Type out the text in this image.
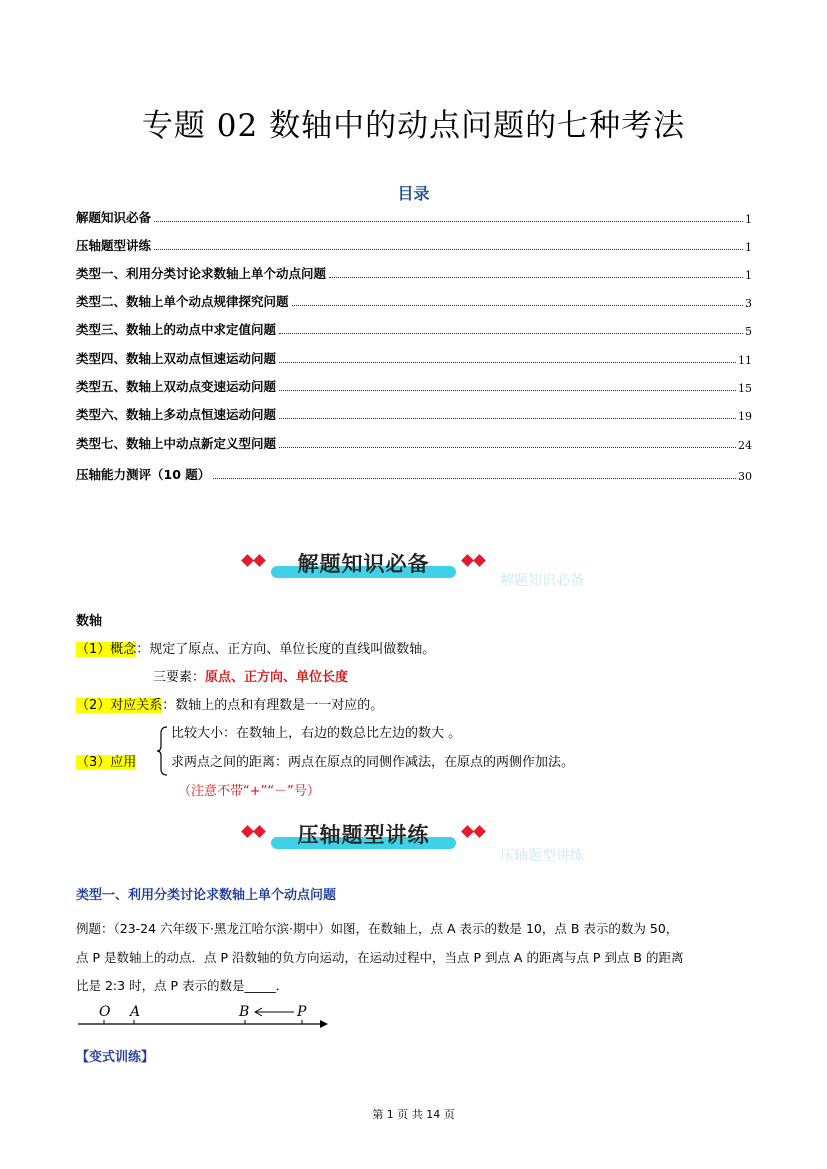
专题 02 数轴中的动点问题的七种考法
目录
解题知识必备	1
压轴题型讲练	1
类型一、利用分类讨论求数轴上单个动点问题	1
类型二、数轴上单个动点规律探究问题	3
类型三、数轴上的动点中求定值问题	5
类型四、数轴上双动点恒速运动问题	11
类型五、数轴上双动点变速运动问题	15
类型六、数轴上多动点恒速运动问题	19
类型七、数轴上中动点新定义型问题	24
压轴能力测评（10 题）	30
解题知识必备
解题知识必备
数轴
（1）概念：规定了原点、正方向、单位长度的直线叫做数轴。
三要素：原点、正方向、单位长度
（2）对应关系：数轴上的点和有理数是一一对应的。
（3）应用
比较大小：在数轴上，右边的数总比左边的数大 。
求两点之间的距离：两点在原点的同侧作减法，在原点的两侧作加法。
（注意不带“+”“－”号）
压轴题型讲练
压轴题型讲练
类型一、利用分类讨论求数轴上单个动点问题
例题：（23-24 六年级下·黑龙江哈尔滨·期中）如图，在数轴上，点 A 表示的数是 10，点 B 表示的数为 50，
点 P 是数轴上的动点．点 P 沿数轴的负方向运动，在运动过程中，当点 P 到点 A 的距离与点 P 到点 B 的距离
比是 2:3 时，点 P 表示的数是_____．
O A	B	P
【变式训练】
第 1 页 共 14 页
